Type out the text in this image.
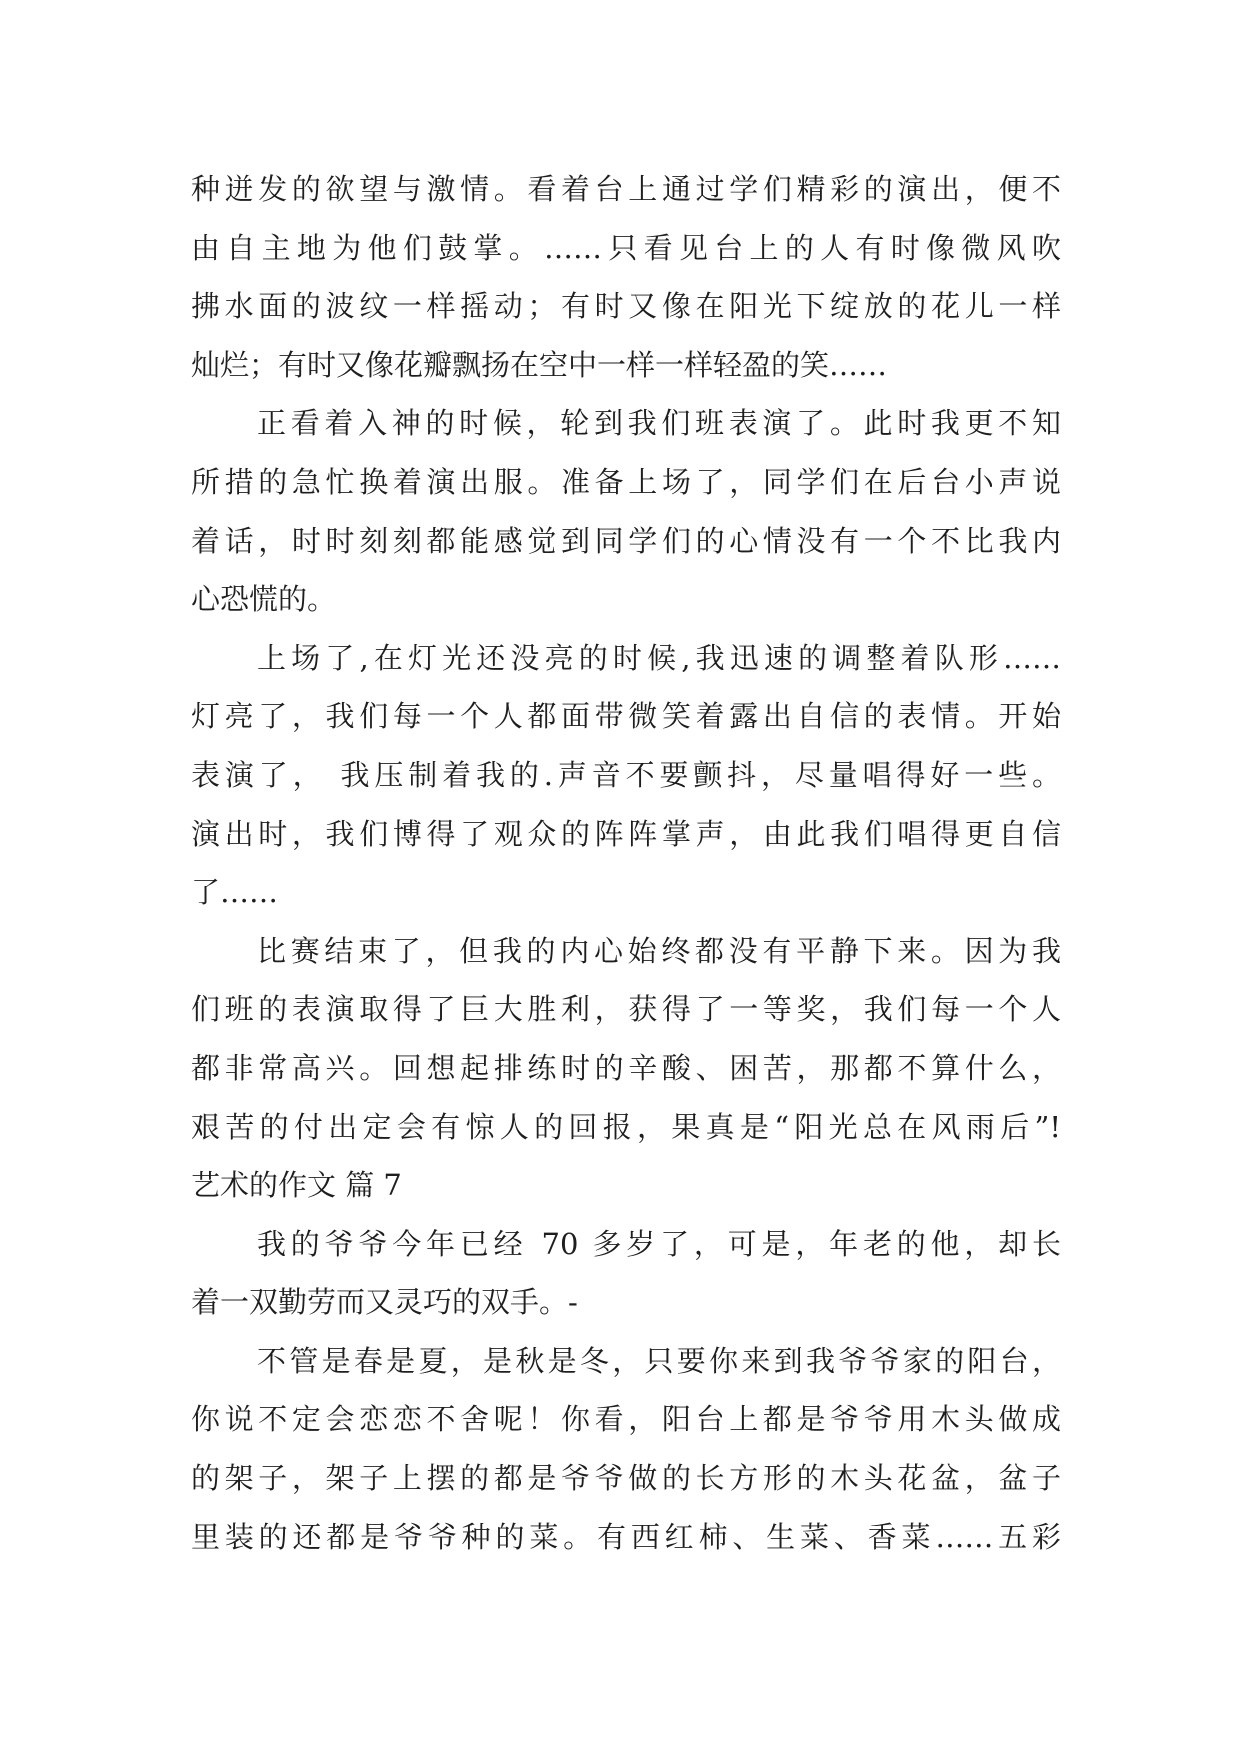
种迸发的欲望与激情。看着台上通过学们精彩的演出，便不
由自主地为他们鼓掌。……只看见台上的人有时像微风吹
拂水面的波纹一样摇动；有时又像在阳光下绽放的花儿一样
灿烂；有时又像花瓣飘扬在空中一样一样轻盈的笑……
正看着入神的时候，轮到我们班表演了。此时我更不知
所措的急忙换着演出服。准备上场了，同学们在后台小声说
着话，时时刻刻都能感觉到同学们的心情没有一个不比我内
心恐慌的。
上场了,在灯光还没亮的时候,我迅速的调整着队形……
灯亮了，我们每一个人都面带微笑着露出自信的表情。开始
表演了， 我压制着我的.声音不要颤抖，尽量唱得好一些。
演出时，我们博得了观众的阵阵掌声，由此我们唱得更自信
了……
比赛结束了，但我的内心始终都没有平静下来。因为我
们班的表演取得了巨大胜利，获得了一等奖，我们每一个人
都非常高兴。回想起排练时的辛酸、困苦，那都不算什么，
艰苦的付出定会有惊人的回报，果真是“阳光总在风雨后”!
艺术的作文 篇 7
我的爷爷今年已经 70 多岁了，可是，年老的他，却长
着一双勤劳而又灵巧的双手。-
不管是春是夏，是秋是冬，只要你来到我爷爷家的阳台，
你说不定会恋恋不舍呢！你看，阳台上都是爷爷用木头做成
的架子，架子上摆的都是爷爷做的长方形的木头花盆，盆子
里装的还都是爷爷种的菜。有西红柿、生菜、香菜……五彩
